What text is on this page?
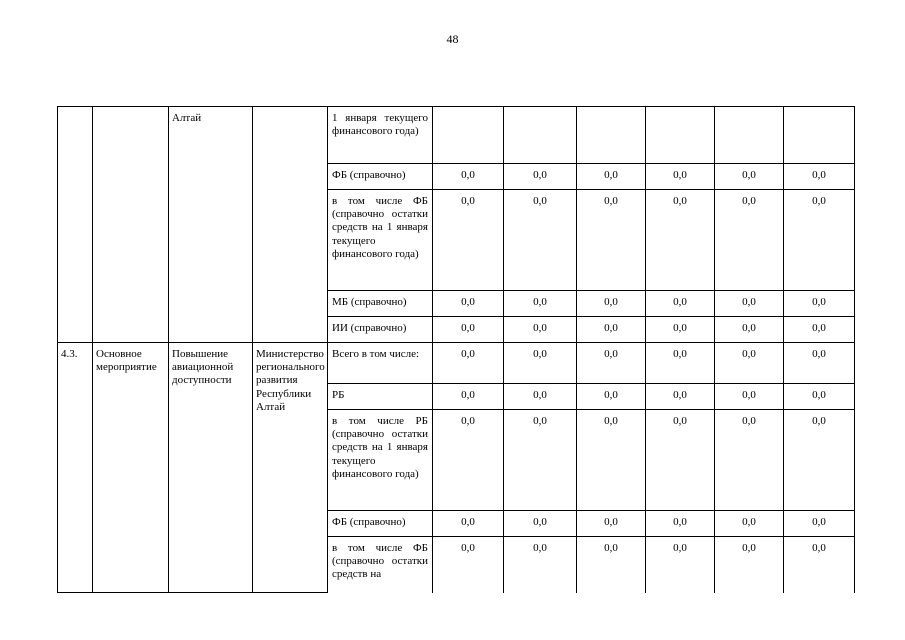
48
		Алтай		1 января текущего финансового года)						
				ФБ (справочно)	0,0	0,0	0,0	0,0	0,0	0,0
				в том числе ФБ (справочно остатки средств на 1 января текущего финансового года)	0,0	0,0	0,0	0,0	0,0	0,0
				МБ (справочно)	0,0	0,0	0,0	0,0	0,0	0,0
				ИИ (справочно)	0,0	0,0	0,0	0,0	0,0	0,0
4.3.	Основное мероприятие	Повышение авиационной доступности	Министерство регионального развития Республики Алтай	Всего в том числе:	0,0	0,0	0,0	0,0	0,0	0,0
				РБ	0,0	0,0	0,0	0,0	0,0	0,0
				в том числе РБ (справочно остатки средств на 1 января текущего финансового года)	0,0	0,0	0,0	0,0	0,0	0,0
				ФБ (справочно)	0,0	0,0	0,0	0,0	0,0	0,0
				в том числе ФБ (справочно остатки средств на	0,0	0,0	0,0	0,0	0,0	0,0
